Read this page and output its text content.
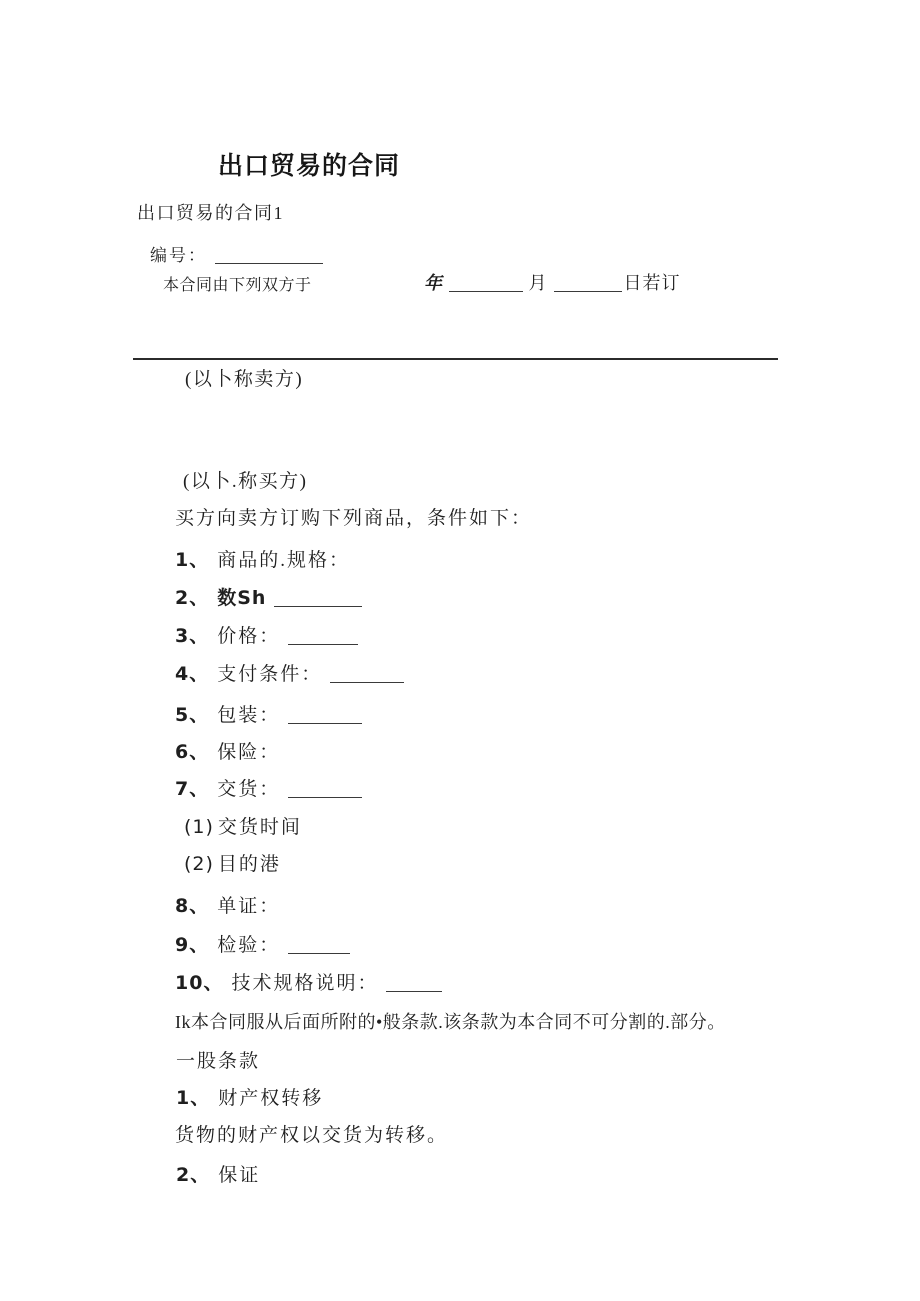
出口贸易的合同
出口贸易的合同1
编号：
本合同由下列双方于	年	月	日若订
(以卜称卖方)
(以卜.称买方)
买方向卖方订购下列商品，条件如下：
1、 商品的.规格：
2、 数Sh
3、 价格：
4、 支付条件：
5、 包装：
6、 保险：
7、 交货：
(1) 交货时间
(2) 目的港
8、 单证：
9、 检验：
10、 技术规格说明：
Ik本合同服从后面所附的•般条款.该条款为本合同不可分割的.部分。
一股条款
1、 财产权转移
货物的财产权以交货为转移。
2、 保证
